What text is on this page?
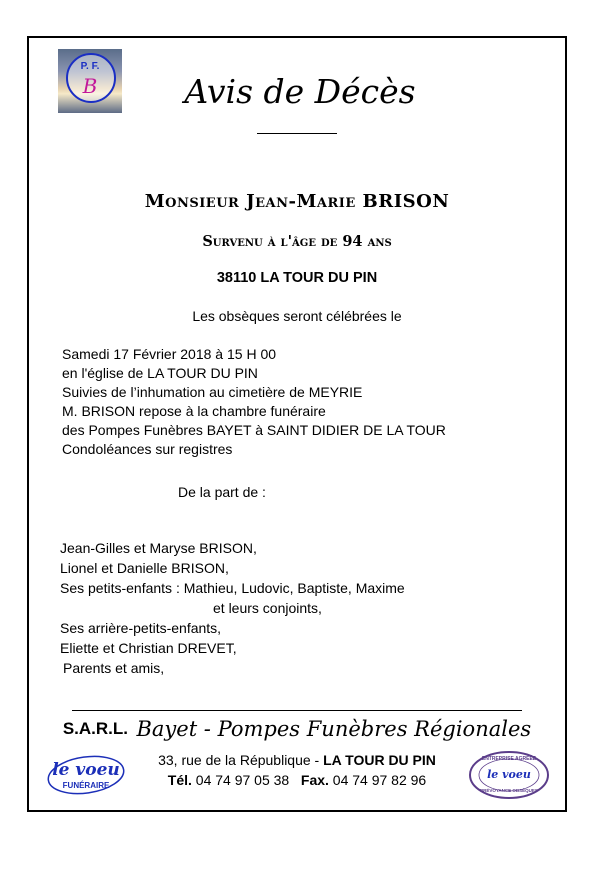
P. F.
B	Avis de Décès
Monsieur Jean-Marie BRISON
Survenu à l'âge de 94 ans
38110 LA TOUR DU PIN
Les obsèques seront célébrées le
Samedi 17 Février 2018 à 15 H 00
en l'église de LA TOUR DU PIN
Suivies de l’inhumation au cimetière de MEYRIE
M. BRISON repose à la chambre funéraire
des Pompes Funèbres BAYET à SAINT DIDIER DE LA TOUR
Condoléances sur registres
De la part de :
Jean-Gilles et Maryse BRISON,
Lionel et Danielle BRISON,
Ses petits-enfants : Mathieu, Ludovic, Baptiste, Maxime
et leurs conjoints,
Ses arrière-petits-enfants,
Eliette et Christian DREVET,
Parents et amis,
S.A.R.L. Bayet - Pompes Funèbres Régionales
33, rue de la République - LA TOUR DU PIN
Tél. 04 74 97 05 38 Fax. 04 74 97 82 96
le voeu
FUNÉRAIRE
ENTREPRISE AGRÉÉE
le voeu
PRÉVOYANCE OBSÈQUES
